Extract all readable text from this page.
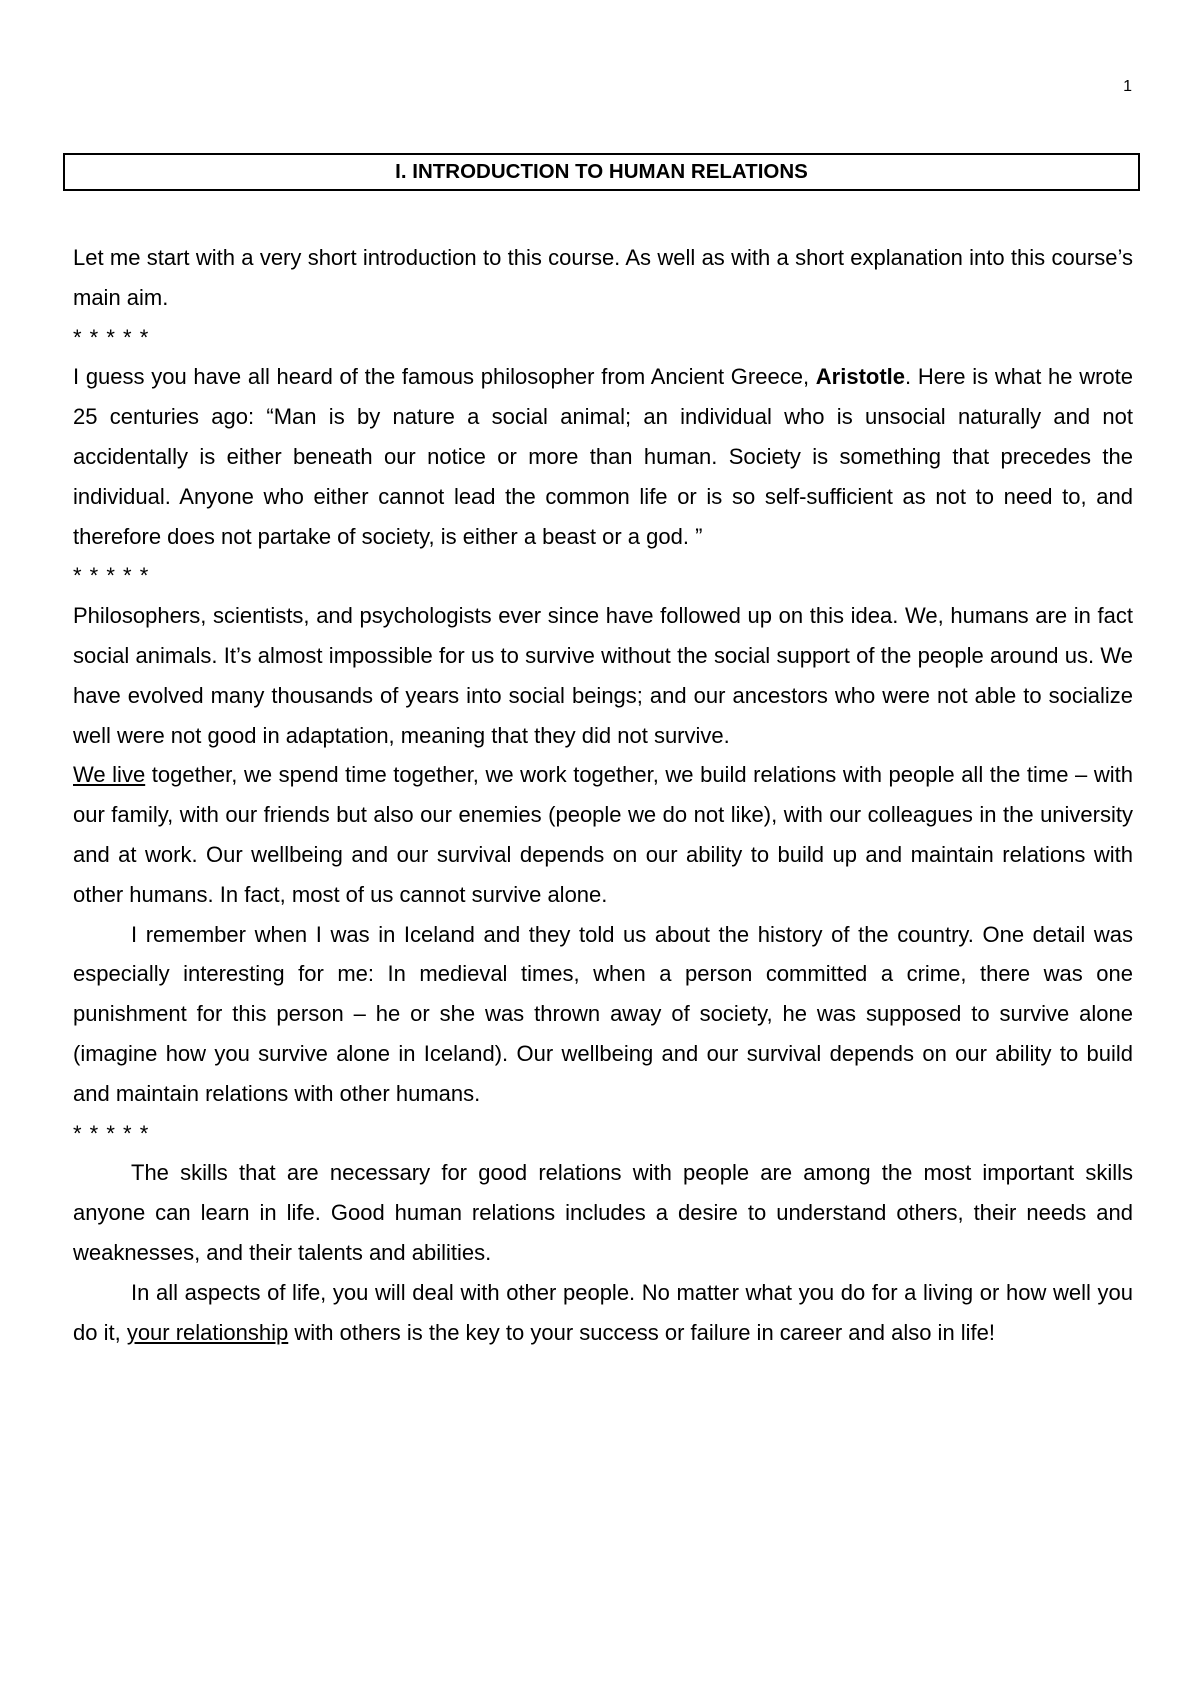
1
I. INTRODUCTION TO HUMAN RELATIONS

Let me start with a very short introduction to this course. As well as with a short explanation into this course’s main aim.

* * * * *

I guess you have all heard of the famous philosopher from Ancient Greece, Aristotle. Here is what he wrote 25 centuries ago: “Man is by nature a social animal; an individual who is unsocial naturally and not accidentally is either beneath our notice or more than human. Society is something that precedes the individual. Anyone who either cannot lead the common life or is so self-sufficient as not to need to, and therefore does not partake of society, is either a beast or a god. ”

* * * * *

Philosophers, scientists, and psychologists ever since have followed up on this idea. We, humans are in fact social animals. It’s almost impossible for us to survive without the social support of the people around us. We have evolved many thousands of years into social beings; and our ancestors who were not able to socialize well were not good in adaptation, meaning that they did not survive.

We live together, we spend time together, we work together, we build relations with people all the time – with our family, with our friends but also our enemies (people we do not like), with our colleagues in the university and at work. Our wellbeing and our survival depends on our ability to build up and maintain relations with other humans. In fact, most of us cannot survive alone.

I remember when I was in Iceland and they told us about the history of the country. One detail was especially interesting for me: In medieval times, when a person committed a crime, there was one punishment for this person – he or she was thrown away of society, he was supposed to survive alone (imagine how you survive alone in Iceland). Our wellbeing and our survival depends on our ability to build and maintain relations with other humans.

* * * * *

The skills that are necessary for good relations with people are among the most important skills anyone can learn in life. Good human relations includes a desire to understand others, their needs and weaknesses, and their talents and abilities.

In all aspects of life, you will deal with other people. No matter what you do for a living or how well you do it, your relationship with others is the key to your success or failure in career and also in life!
